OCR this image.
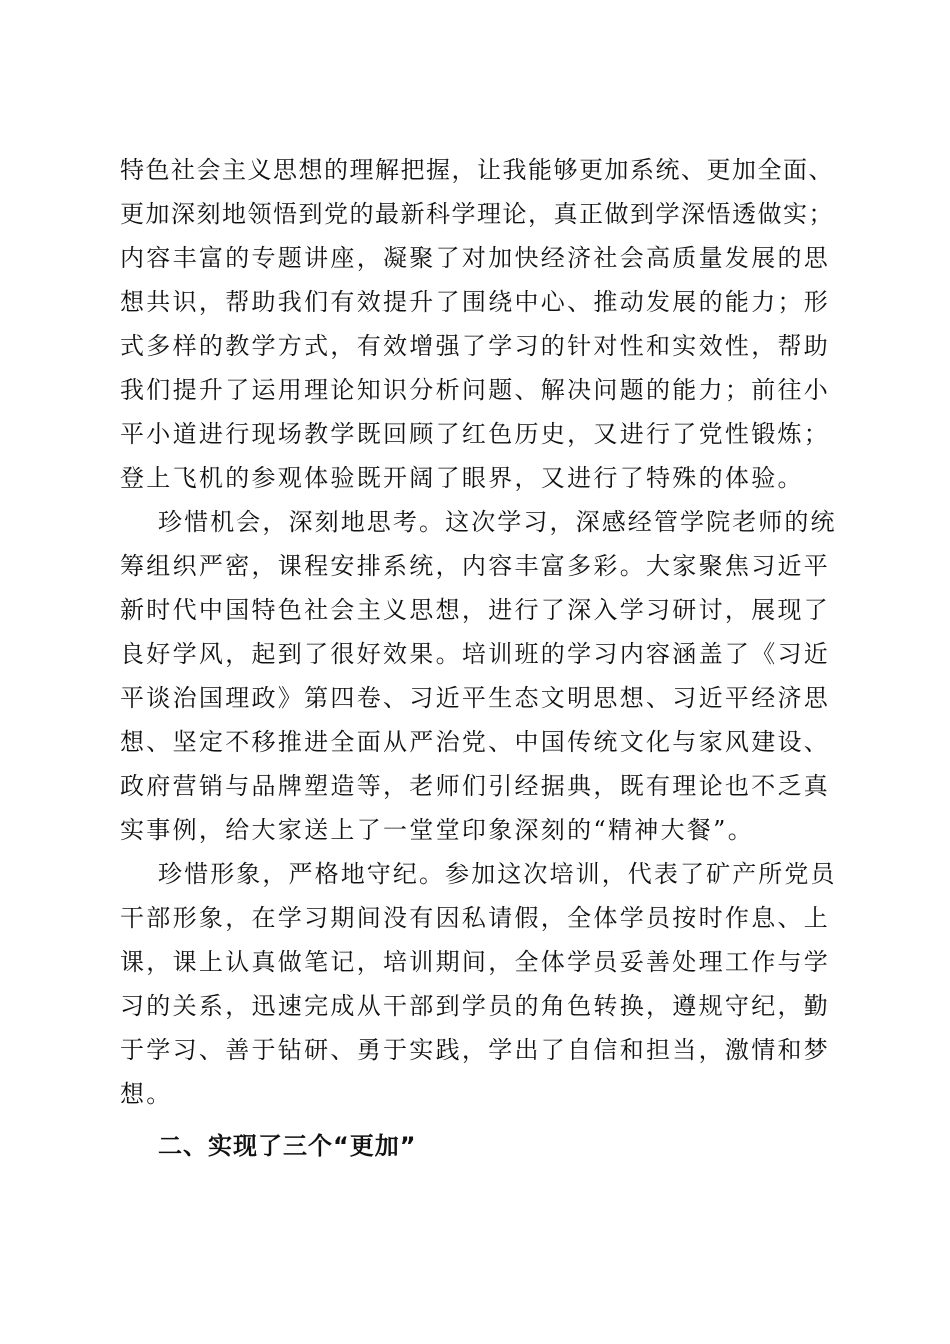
特色社会主义思想的理解把握，让我能够更加系统、更加全面、
更加深刻地领悟到党的最新科学理论，真正做到学深悟透做实；
内容丰富的专题讲座，凝聚了对加快经济社会高质量发展的思
想共识，帮助我们有效提升了围绕中心、推动发展的能力；形
式多样的教学方式，有效增强了学习的针对性和实效性，帮助
我们提升了运用理论知识分析问题、解决问题的能力；前往小
平小道进行现场教学既回顾了红色历史，又进行了党性锻炼；
登上飞机的参观体验既开阔了眼界，又进行了特殊的体验。
珍惜机会，深刻地思考。这次学习，深感经管学院老师的统
筹组织严密，课程安排系统，内容丰富多彩。大家聚焦习近平
新时代中国特色社会主义思想，进行了深入学习研讨，展现了
良好学风，起到了很好效果。培训班的学习内容涵盖了《习近
平谈治国理政》第四卷、习近平生态文明思想、习近平经济思
想、坚定不移推进全面从严治党、中国传统文化与家风建设、
政府营销与品牌塑造等，老师们引经据典，既有理论也不乏真
实事例，给大家送上了一堂堂印象深刻的“精神大餐”。
珍惜形象，严格地守纪。参加这次培训，代表了矿产所党员
干部形象，在学习期间没有因私请假，全体学员按时作息、上
课，课上认真做笔记，培训期间，全体学员妥善处理工作与学
习的关系，迅速完成从干部到学员的角色转换，遵规守纪，勤
于学习、善于钻研、勇于实践，学出了自信和担当，激情和梦
想。
二、实现了三个“更加”
